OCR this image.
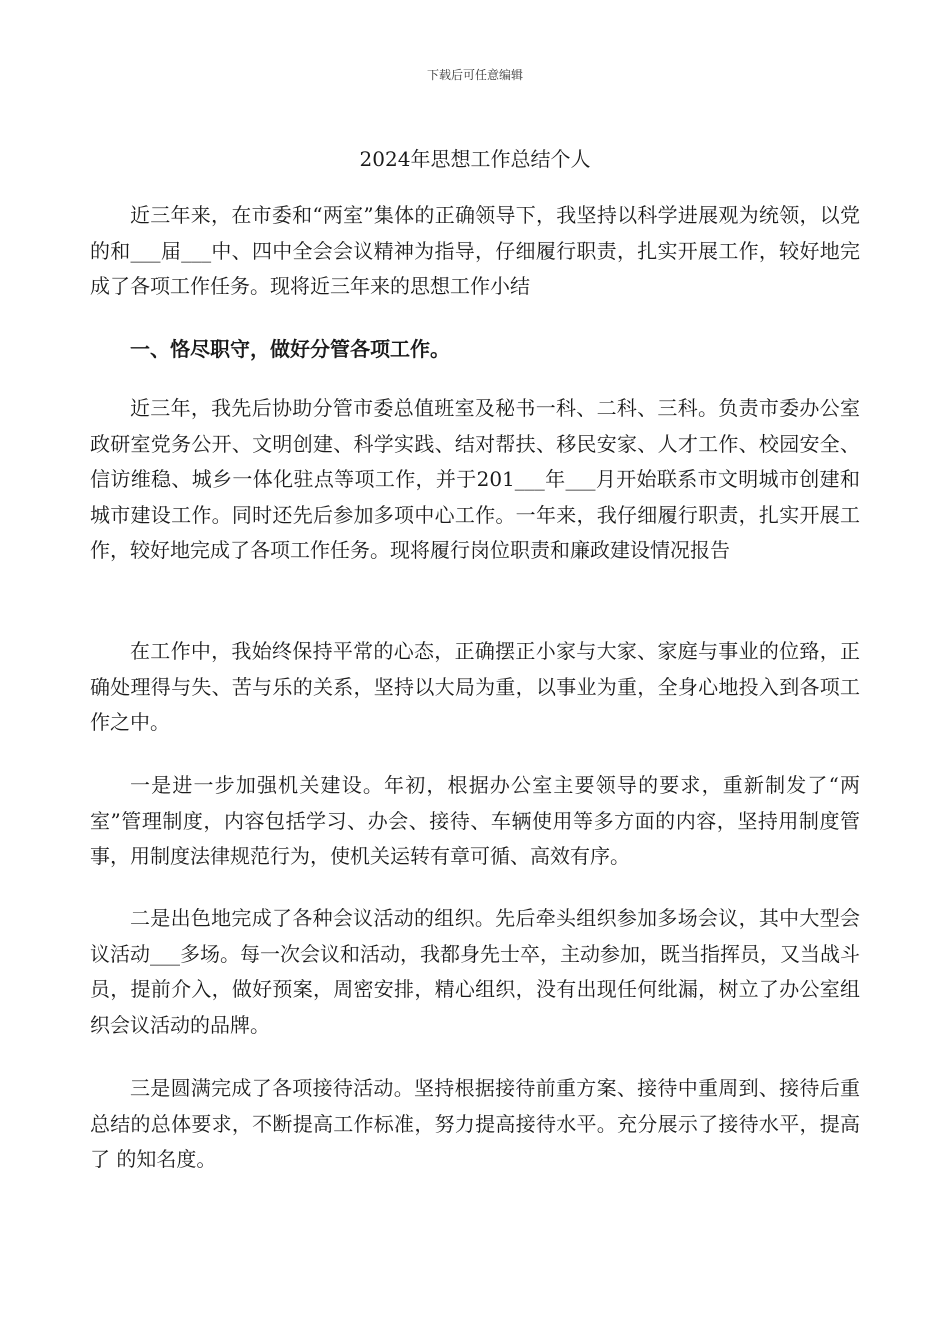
下载后可任意编辑
2024年思想工作总结个人

近三年来，在市委和“两室”集体的正确领导下，我坚持以科学进展观为统领，以党的和___届___中、四中全会会议精神为指导，仔细履行职责，扎实开展工作，较好地完成了各项工作任务。现将近三年来的思想工作小结

一、恪尽职守，做好分管各项工作。

近三年，我先后协助分管市委总值班室及秘书一科、二科、三科。负责市委办公室政研室党务公开、文明创建、科学实践、结对帮扶、移民安家、人才工作、校园安全、信访维稳、城乡一体化驻点等项工作，并于201___年___月开始联系市文明城市创建和城市建设工作。同时还先后参加多项中心工作。一年来，我仔细履行职责，扎实开展工作，较好地完成了各项工作任务。现将履行岗位职责和廉政建设情况报告

在工作中，我始终保持平常的心态，正确摆正小家与大家、家庭与事业的位臵，正确处理得与失、苦与乐的关系，坚持以大局为重，以事业为重，全身心地投入到各项工作之中。

一是进一步加强机关建设。年初，根据办公室主要领导的要求，重新制发了“两室”管理制度，内容包括学习、办会、接待、车辆使用等多方面的内容，坚持用制度管事，用制度法律规范行为，使机关运转有章可循、高效有序。

二是出色地完成了各种会议活动的组织。先后牵头组织参加多场会议，其中大型会议活动___多场。每一次会议和活动，我都身先士卒，主动参加，既当指挥员，又当战斗员，提前介入，做好预案，周密安排，精心组织，没有出现任何纰漏，树立了办公室组织会议活动的品牌。

三是圆满完成了各项接待活动。坚持根据接待前重方案、接待中重周到、接待后重总结的总体要求，不断提高工作标准，努力提高接待水平。充分展示了接待水平，提高了 的知名度。
